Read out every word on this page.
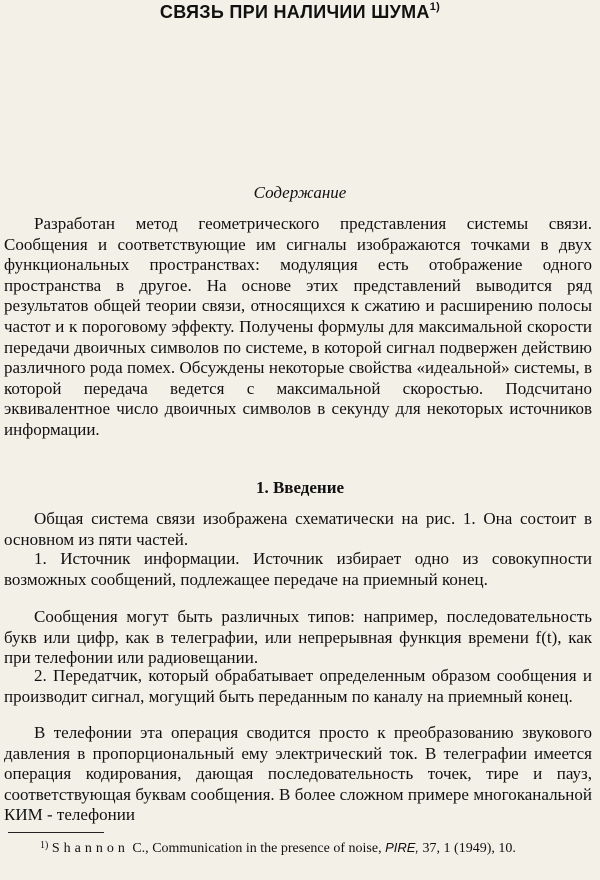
СВЯЗЬ ПРИ НАЛИЧИИ ШУМА$^{1)}$
Содержание

Разработан метод геометрического представления системы связи. Сообщения и соответствующие им сигналы изображаются точками в двух функциональных пространствах: модуляция есть отображение одного пространства в другое. На основе этих представлений выводится ряд результатов общей теории связи, относящихся к сжатию и расширению полосы частот и к пороговому эффекту. Получены формулы для максимальной скорости передачи двоичных символов по системе, в которой сигнал подвержен действию различного рода помех. Обсуждены некоторые свойства «идеальной» системы, в которой передача ведется с максимальной скоростью. Подсчитано эквивалентное число двоичных символов в секунду для некоторых источников информации.

1. Введение

Общая система связи изображена схематически на рис. 1. Она состоит в основном из пяти частей.

1. Источник информации. Источник избирает одно из совокупности возможных сообщений, подлежащее передаче на приемный конец.

Сообщения могут быть различных типов: например, последовательность букв или цифр, как в телеграфии, или непрерывная функция времени f(t), как при телефонии или радиовещании.

2. Передатчик, который обрабатывает определенным образом сообщения и производит сигнал, могущий быть переданным по каналу на приемный конец.

В телефонии эта операция сводится просто к преобразованию звукового давления в пропорциональный ему электрический ток. В телеграфии имеется операция кодирования, дающая последовательность точек, тире и пауз, соответствующая буквам сообщения. В более сложном примере многоканальной КИМ - телефонии

$^{1)}$ Shannon C., Communication in the presence of noise, PIRE, 37, 1 (1949), 10.
